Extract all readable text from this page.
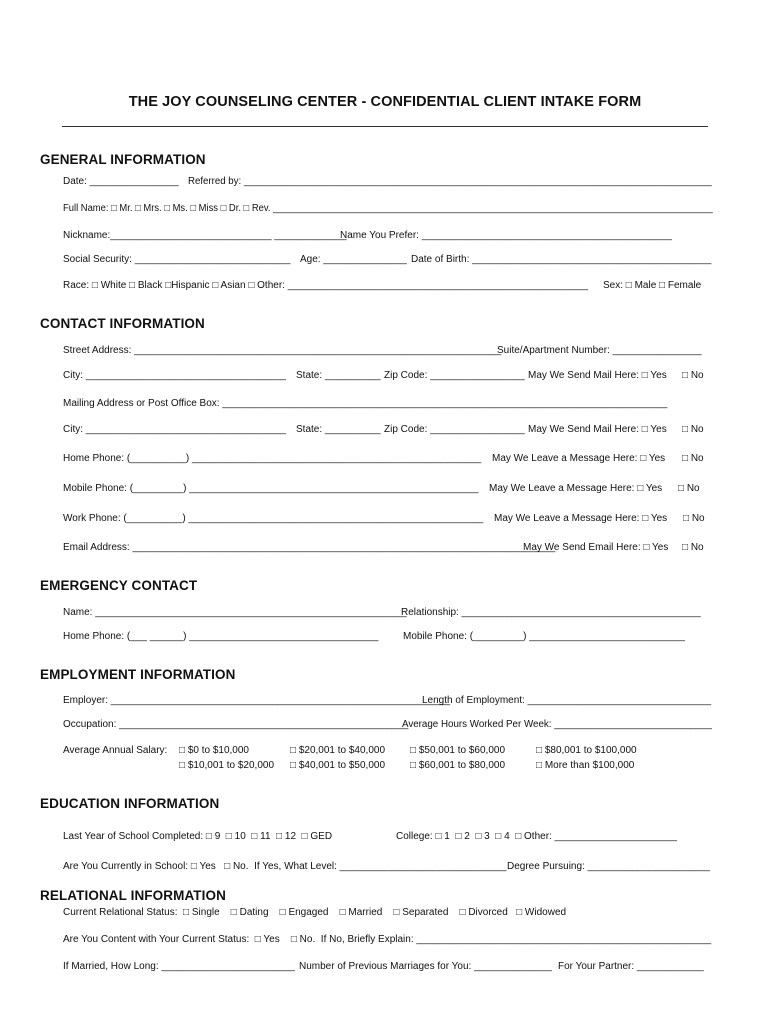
THE JOY COUNSELING CENTER - CONFIDENTIAL CLIENT INTAKE FORM
GENERAL INFORMATION
Date: ________________ Referred by: _______________________________________________________________________________________
Full Name: □ Mr. □ Mrs. □ Ms. □ Miss □ Dr. □ Rev. ____________________________________________________________________________________
Nickname:_____________________________ _____________
Name You Prefer: _____________________________________________
Social Security: ____________________________ Age: _______________ Date of Birth: ___________________________________________
Race: □ White □ Black □Hispanic □ Asian □ Other: ______________________________________________________ Sex: □ Male □ Female
CONTACT INFORMATION
Street Address: __________________________________________________________________
Suite/Apartment Number: ________________
City: ____________________________________ State: __________ Zip Code: _________________ May We Send Mail Here: □ Yes □ No
Mailing Address or Post Office Box: ________________________________________________________________________________
City: ____________________________________ State: __________ Zip Code: _________________ May We Send Mail Here: □ Yes □ No
Home Phone: (__________) ____________________________________________________ May We Leave a Message Here: □ Yes □ No
Mobile Phone: (_________) ____________________________________________________ May We Leave a Message Here: □ Yes □ No
Work Phone: (__________) _____________________________________________________ May We Leave a Message Here: □ Yes □ No
Email Address: ____________________________________________________________________________
May We Send Email Here: □ Yes □ No
EMERGENCY CONTACT
Name: ________________________________________________________
Relationship: ___________________________________________
Home Phone: (___ ______) __________________________________ Mobile Phone: (_________) ____________________________
EMPLOYMENT INFORMATION
Employer: _____________________________________________________________
Length of Employment: _________________________________
Occupation: ____________________________________________________
Average Hours Worked Per Week: _____________________________
Average Annual Salary: □ $0 to $10,000
□ $10,001 to $20,000
□ $20,001 to $40,000
□ $40,001 to $50,000
□ $50,001 to $60,000
□ $60,001 to $80,000
□ $80,001 to $100,000
□ More than $100,000
EDUCATION INFORMATION
Last Year of School Completed: □ 9  □ 10  □ 11  □ 12  □ GED	College: □ 1  □ 2  □ 3  □ 4  □ Other: ______________________
Are You Currently in School: □ Yes   □ No.  If Yes, What Level: ______________________________ Degree Pursuing: ______________________
RELATIONAL INFORMATION
Current Relational Status:  □ Single    □ Dating    □ Engaged    □ Married    □ Separated    □ Divorced   □ Widowed
Are You Content with Your Current Status:  □ Yes    □ No.  If No, Briefly Explain: _____________________________________________________
If Married, How Long: ________________________ Number of Previous Marriages for You: ______________ For Your Partner: ____________
